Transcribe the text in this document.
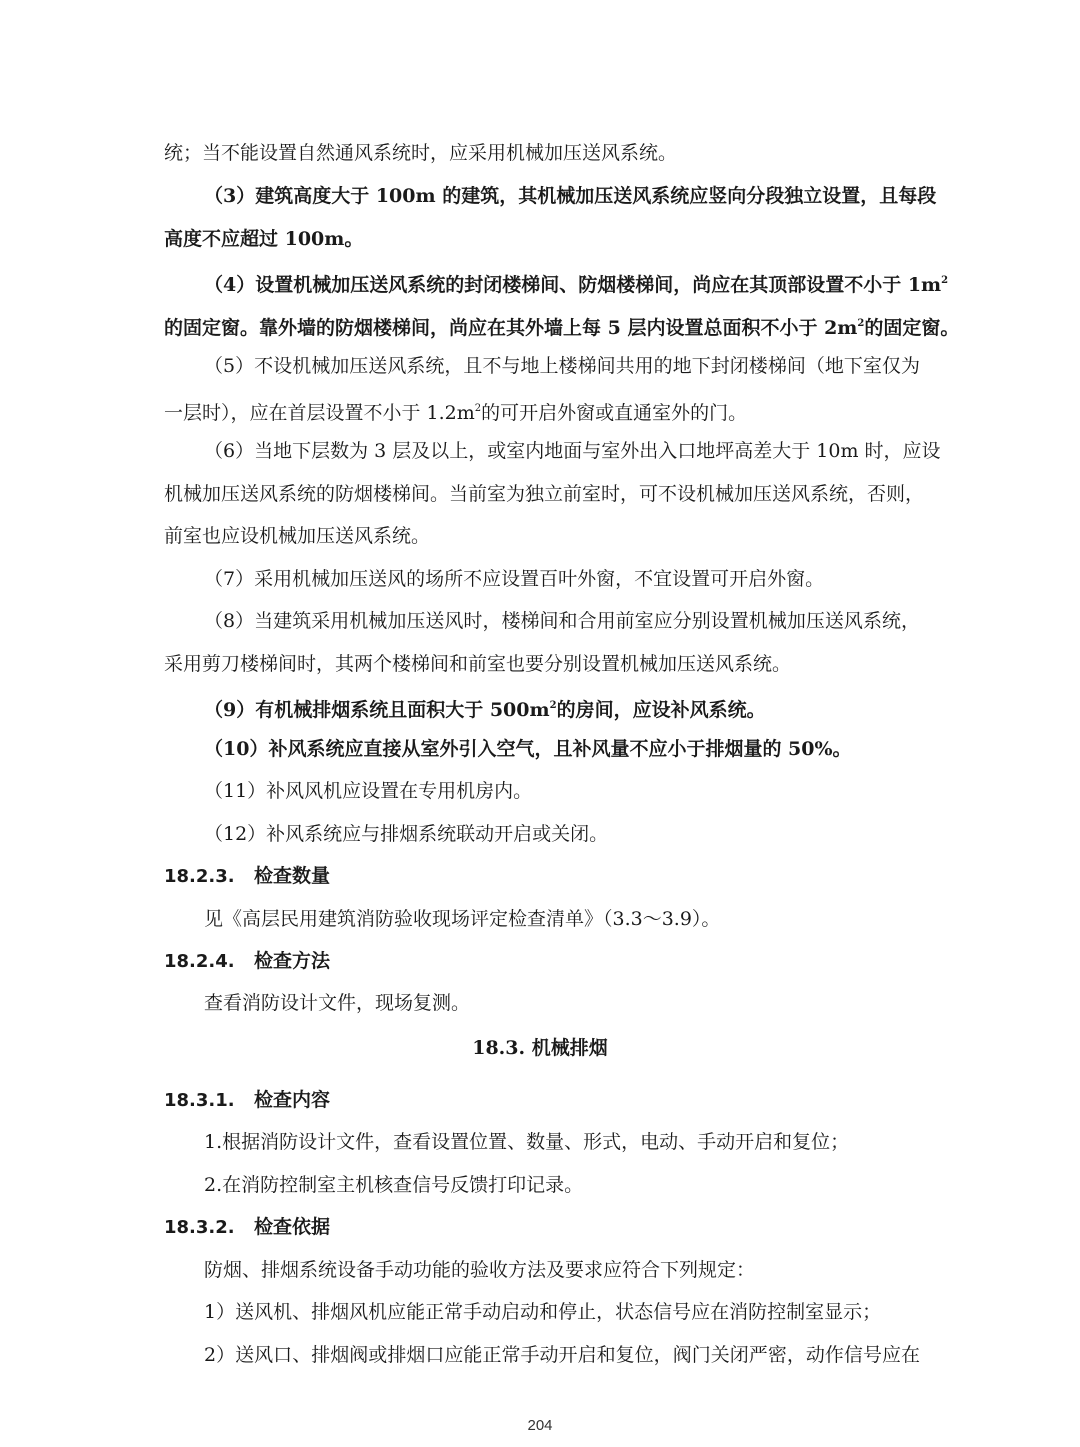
统；当不能设置自然通风系统时，应采用机械加压送风系统。
（3）建筑高度大于 100m 的建筑，其机械加压送风系统应竖向分段独立设置，且每段
高度不应超过 100m。
（4）设置机械加压送风系统的封闭楼梯间、防烟楼梯间，尚应在其顶部设置不小于 $1m^2$
的固定窗。靠外墙的防烟楼梯间，尚应在其外墙上每 5 层内设置总面积不小于 $2m^2$的固定窗。
（5）不设机械加压送风系统，且不与地上楼梯间共用的地下封闭楼梯间（地下室仅为
一层时），应在首层设置不小于 $1.2m^2$的可开启外窗或直通室外的门。
（6）当地下层数为 3 层及以上，或室内地面与室外出入口地坪高差大于 10m 时，应设
机械加压送风系统的防烟楼梯间。当前室为独立前室时，可不设机械加压送风系统，否则，
前室也应设机械加压送风系统。
（7）采用机械加压送风的场所不应设置百叶外窗，不宜设置可开启外窗。
（8）当建筑采用机械加压送风时，楼梯间和合用前室应分别设置机械加压送风系统，
采用剪刀楼梯间时，其两个楼梯间和前室也要分别设置机械加压送风系统。
（9）有机械排烟系统且面积大于 $500m^2$的房间，应设补风系统。
（10）补风系统应直接从室外引入空气，且补风量不应小于排烟量的 50%。
（11）补风风机应设置在专用机房内。
（12）补风系统应与排烟系统联动开启或关闭。
18.2.3. 检查数量
见《高层民用建筑消防验收现场评定检查清单》（3.3～3.9）。
18.2.4. 检查方法
查看消防设计文件，现场复测。
18.3. 机械排烟
18.3.1. 检查内容
1.根据消防设计文件，查看设置位置、数量、形式，电动、手动开启和复位；
2.在消防控制室主机核查信号反馈打印记录。
18.3.2. 检查依据
防烟、排烟系统设备手动功能的验收方法及要求应符合下列规定：
1）送风机、排烟风机应能正常手动启动和停止，状态信号应在消防控制室显示；
2）送风口、排烟阀或排烟口应能正常手动开启和复位，阀门关闭严密，动作信号应在
204
